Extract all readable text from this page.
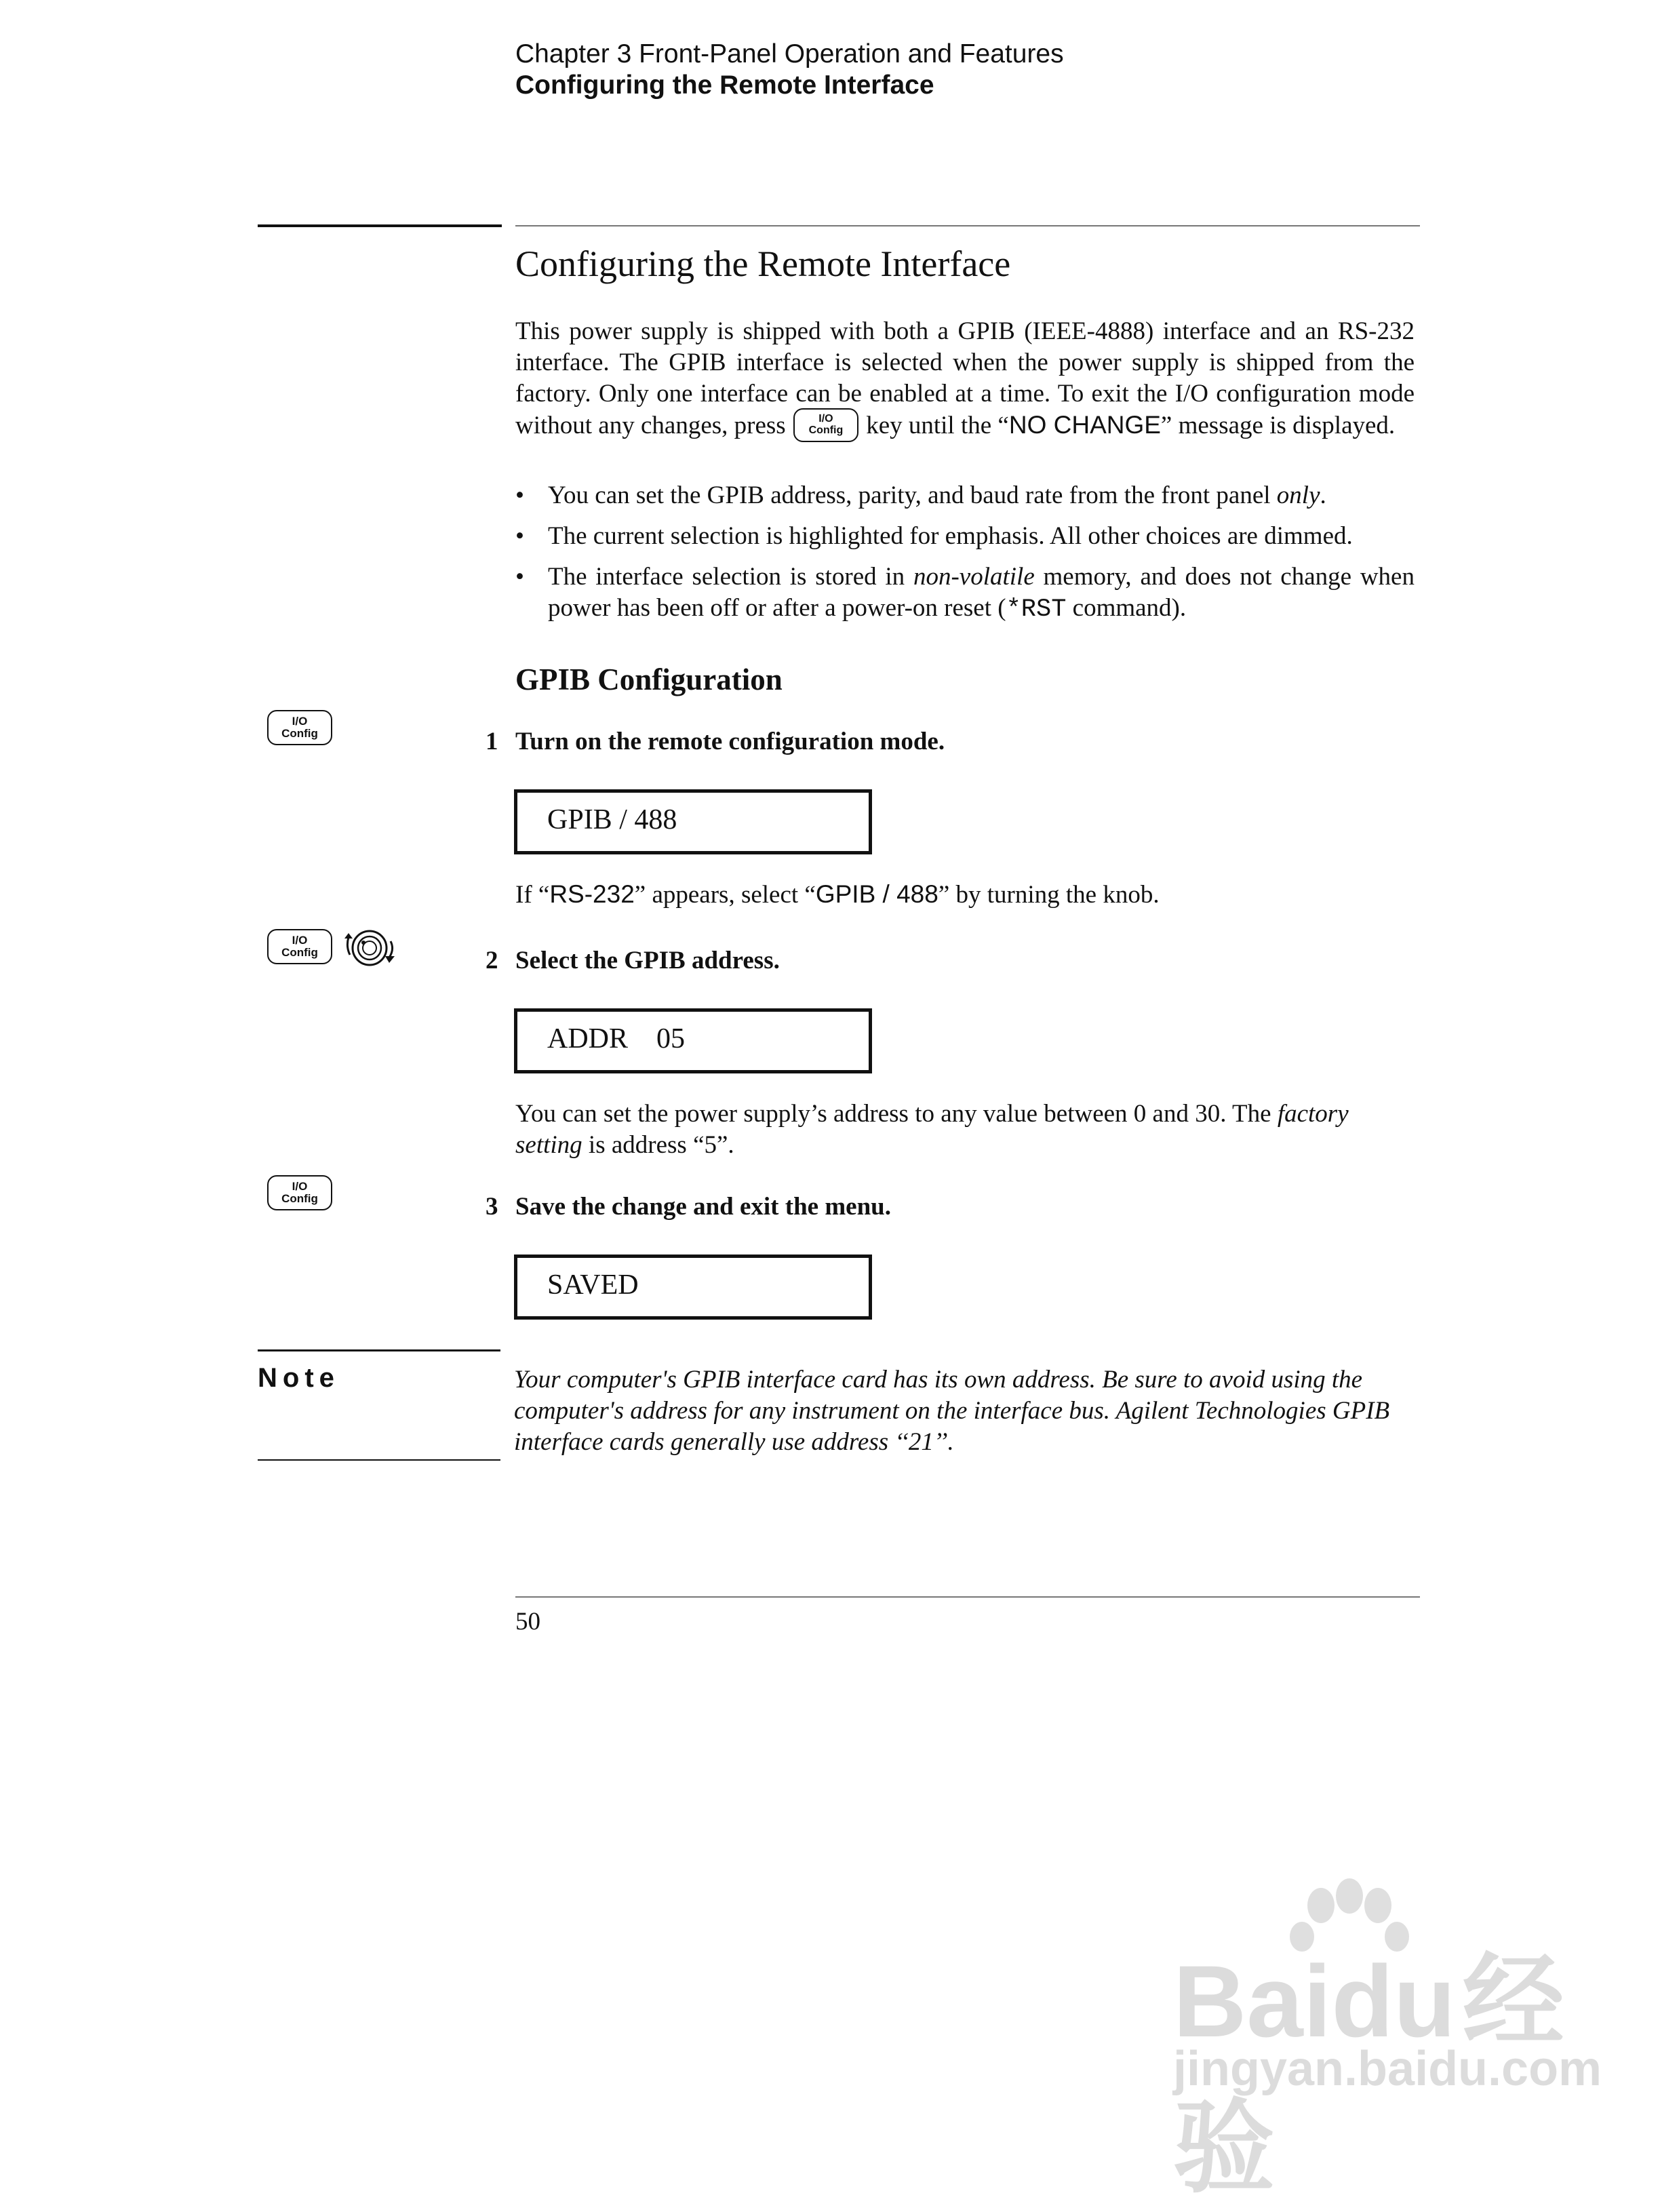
Chapter 3 Front-Panel Operation and Features
Configuring the Remote Interface
Configuring the Remote Interface
This power supply is shipped with both a GPIB (IEEE-4888) interface and an RS-232 interface. The GPIB interface is selected when the power supply is shipped from the factory. Only one interface can be enabled at a time. To exit the I/O configuration mode without any changes, press	I/O
Config key until the “NO CHANGE” message is displayed.
• You can set the GPIB address, parity, and baud rate from the front panel only.
• The current selection is highlighted for emphasis. All other choices are dimmed.
• The interface selection is stored in non-volatile memory, and does not change when power has been off or after a power-on reset (*RST command).
GPIB Configuration
I/O
Config	1 Turn on the remote configuration mode.
GPIB / 488
If “RS-232” appears, select “GPIB / 488” by turning the knob.
I/O
Config	2 Select the GPIB address.
ADDR    05
You can set the power supply’s address to any value between 0 and 30. The factory setting is address “5”.
I/O
Config	3 Save the change and exit the menu.
SAVED
Note	Your computer's GPIB interface card has its own address. Be sure to avoid using the computer's address for any instrument on the interface bus. Agilent Technologies GPIB interface cards generally use address ‘‘21’’.
50
Baidu经验
jingyan.baidu.com
